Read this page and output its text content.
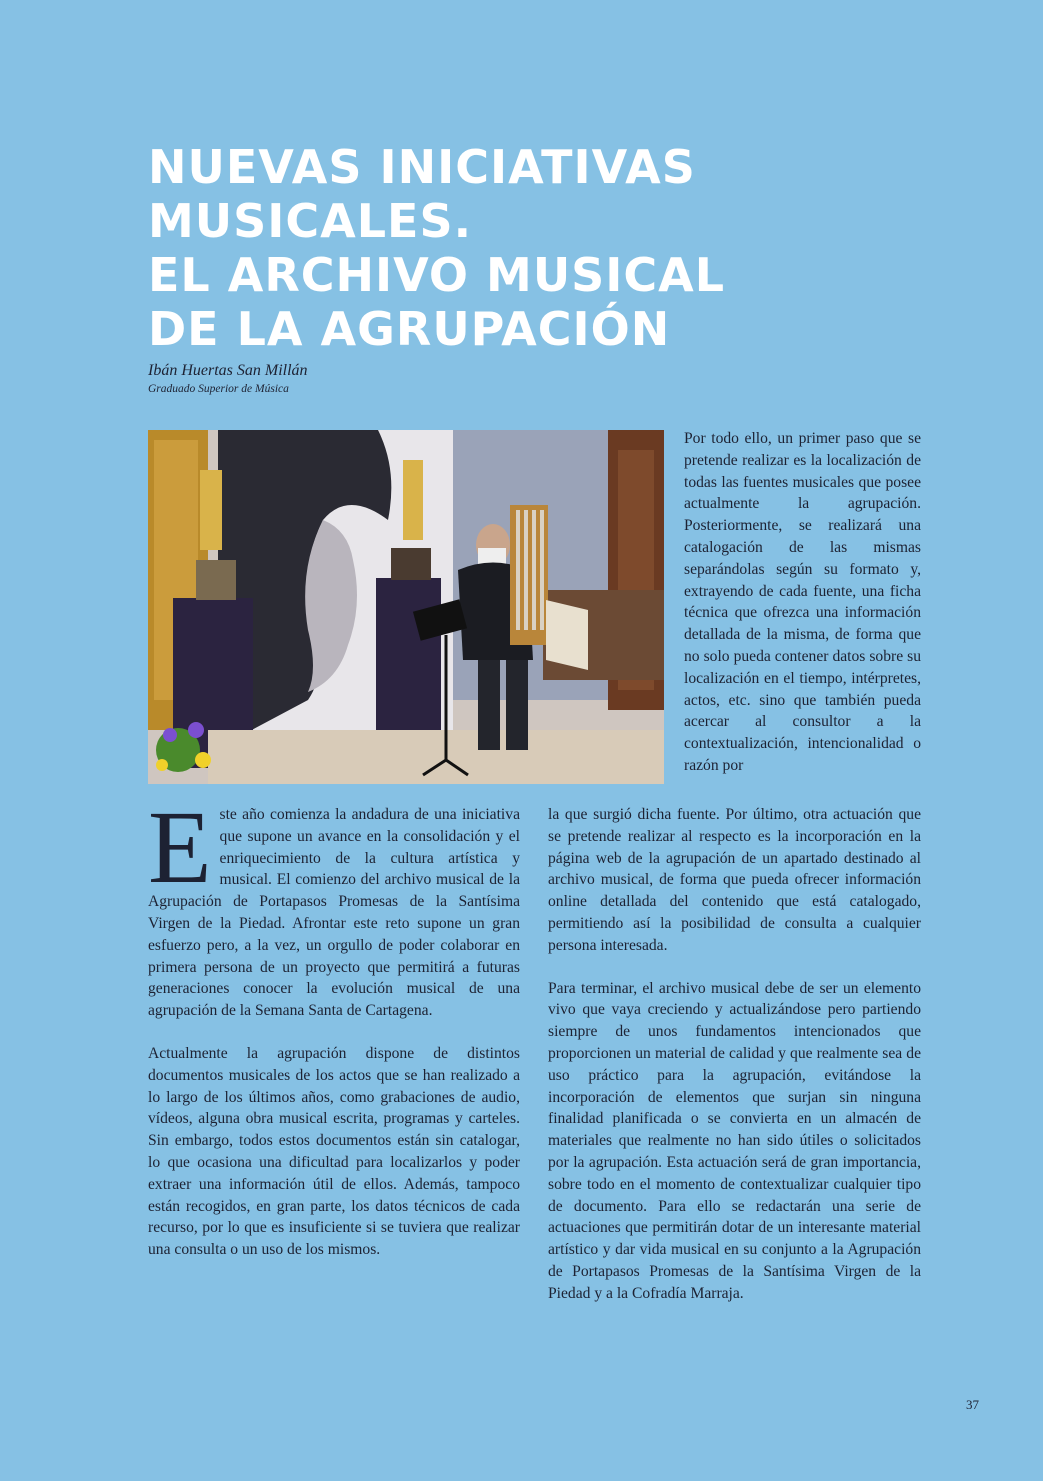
NUEVAS INICIATIVAS
MUSICALES.
EL ARCHIVO MUSICAL
DE LA AGRUPACIÓN
Ibán Huertas San Millán
Graduado Superior de Música

Este año comienza la andadura de una iniciativa que supone un avance en la consolidación y el enriquecimiento de la cultura artística y musical. El comienzo del archivo musical de la Agrupación de Portapasos Promesas de la Santísima Virgen de la Piedad. Afrontar este reto supone un gran esfuerzo pero, a la vez, un orgullo de poder colaborar en primera persona de un proyecto que permitirá a futuras generaciones conocer la evolución musical de una agrupación de la Semana Santa de Cartagena.

Actualmente la agrupación dispone de distintos documentos musicales de los actos que se han realizado a lo largo de los últimos años, como grabaciones de audio, vídeos, alguna obra musical escrita, programas y carteles. Sin embargo, todos estos documentos están sin catalogar, lo que ocasiona una dificultad para localizarlos y poder extraer una información útil de ellos. Además, tampoco están recogidos, en gran parte, los datos técnicos de cada recurso, por lo que es insuficiente si se tuviera que realizar una consulta o un uso de los mismos.

Por todo ello, un primer paso que se pretende realizar es la localización de todas las fuentes musicales que posee actualmente la agrupación. Posteriormente, se realizará una catalogación de las mismas separándolas según su formato y, extrayendo de cada fuente, una ficha técnica que ofrezca una información detallada de la misma, de forma que no solo pueda contener datos sobre su localización en el tiempo, intérpretes, actos, etc. sino que también pueda acercar al consultor a la contextualización, intencionalidad o razón por

la que surgió dicha fuente. Por último, otra actuación que se pretende realizar al respecto es la incorporación en la página web de la agrupación de un apartado destinado al archivo musical, de forma que pueda ofrecer información online detallada del contenido que está catalogado, permitiendo así la posibilidad de consulta a cualquier persona interesada.

Para terminar, el archivo musical debe de ser un elemento vivo que vaya creciendo y actualizándose pero partiendo siempre de unos fundamentos intencionados que proporcionen un material de calidad y que realmente sea de uso práctico para la agrupación, evitándose la incorporación de elementos que surjan sin ninguna finalidad planificada o se convierta en un almacén de materiales que realmente no han sido útiles o solicitados por la agrupación. Esta actuación será de gran importancia, sobre todo en el momento de contextualizar cualquier tipo de documento. Para ello se redactarán una serie de actuaciones que permitirán dotar de un interesante material artístico y dar vida musical en su conjunto a la Agrupación de Portapasos Promesas de la Santísima Virgen de la Piedad y a la Cofradía Marraja.

37
